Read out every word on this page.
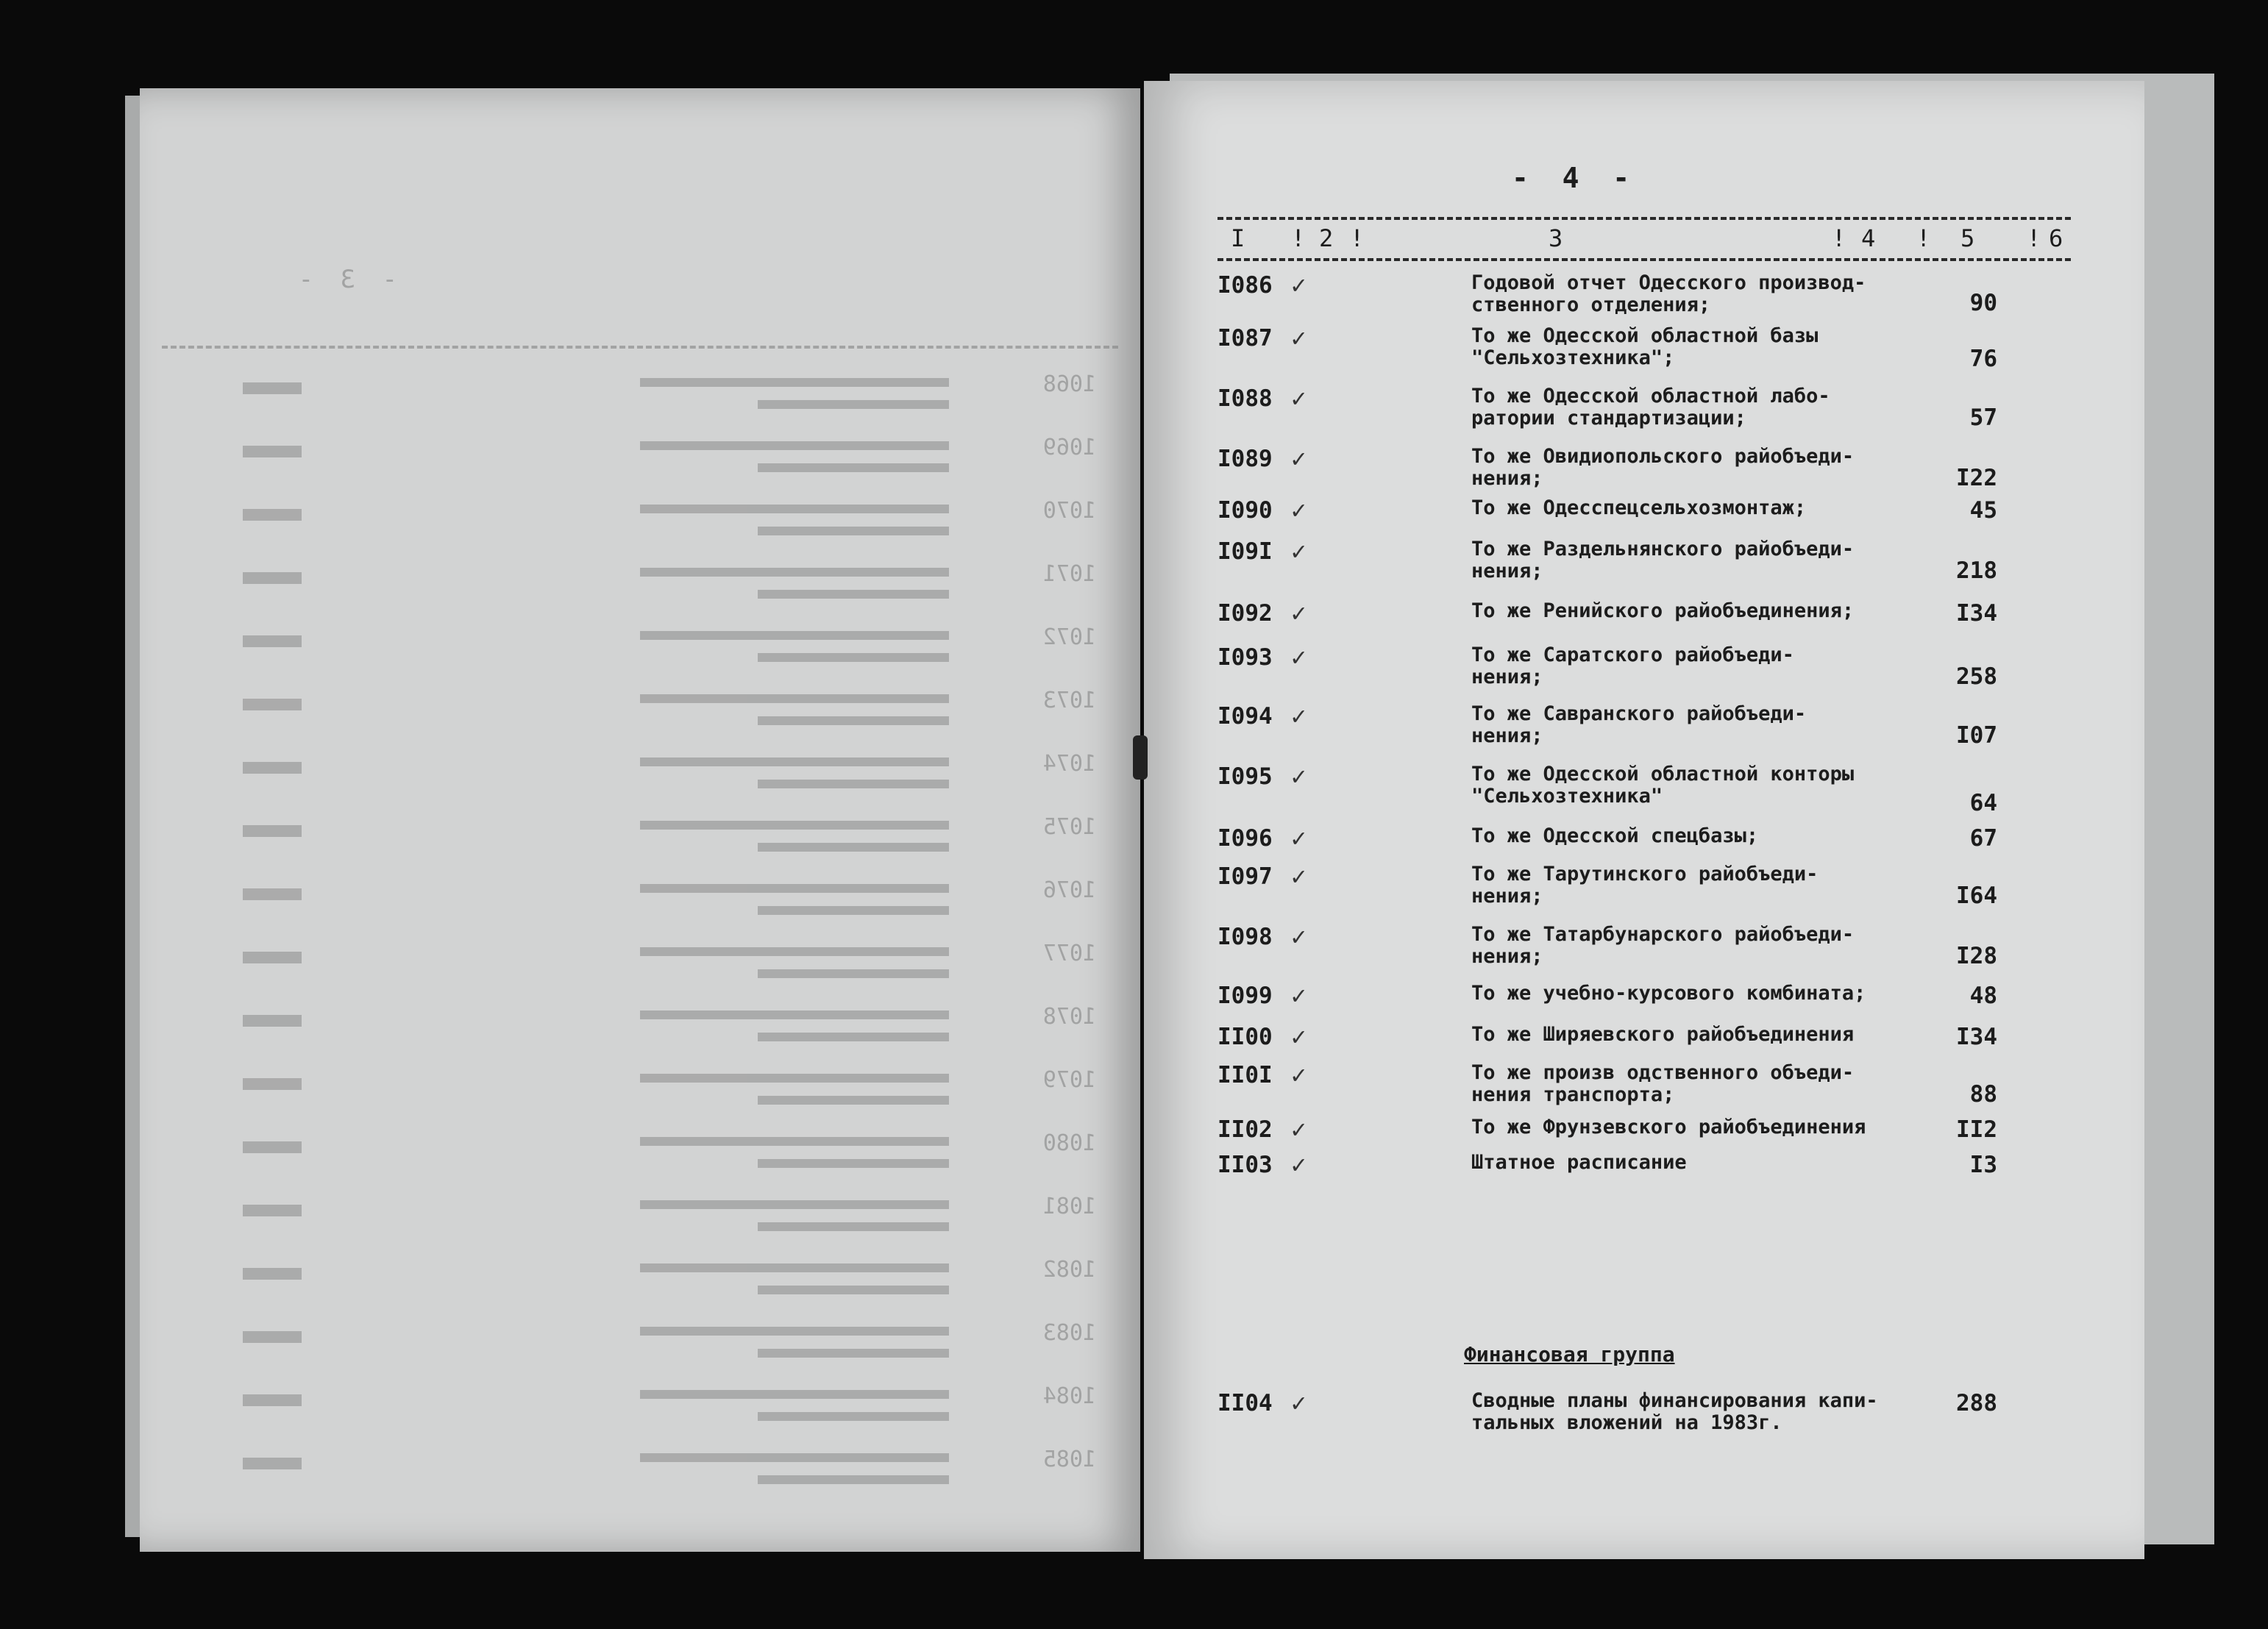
- 3 -
1068
1069
1070
1071
1072
1073
1074
1075
1076
1077
1078
1079
1080
1081
1082
1083
1084
1085
-  4  -
I ! 2 !	3	! 4 ! 5 ! 6
I086 ✓	Годовой отчет Одесского производ-
ственного отделения;	90
I087 ✓	То же Одесской областной базы
"Сельхозтехника";	76
I088 ✓	То же Одесской областной лабо-
ратории стандартизации;	57
I089 ✓	То же Овидиопольского райобъеди-
нения;	I22
I090 ✓	То же Одесспецсельхозмонтаж;	45
I09I ✓	То же Раздельнянского райобъеди-
нения;	218
I092 ✓	То же Ренийского райобъединения;	I34
I093 ✓	То же Саратского райобъеди-
нения;	258
I094 ✓	То же Савранского райобъеди-
нения;	I07
I095 ✓	То же Одесской областной конторы
"Сельхозтехника"	64
I096 ✓	То же Одесской спецбазы;	67
I097 ✓	То же Тарутинского райобъеди-
нения;	I64
I098 ✓	То же Татарбунарского райобъеди-
нения;	I28
I099 ✓	То же учебно-курсового комбината;	48
II00 ✓	То же Ширяевского райобъединения	I34
II0I ✓	То же произв одственного объеди-
нения транспорта;	88
II02 ✓	То же Фрунзевского райобъединения	II2
II03 ✓	Штатное расписание	I3
Финансовая группа
II04 ✓	Сводные планы финансирования капи-
тальных вложений на 1983г.
288
